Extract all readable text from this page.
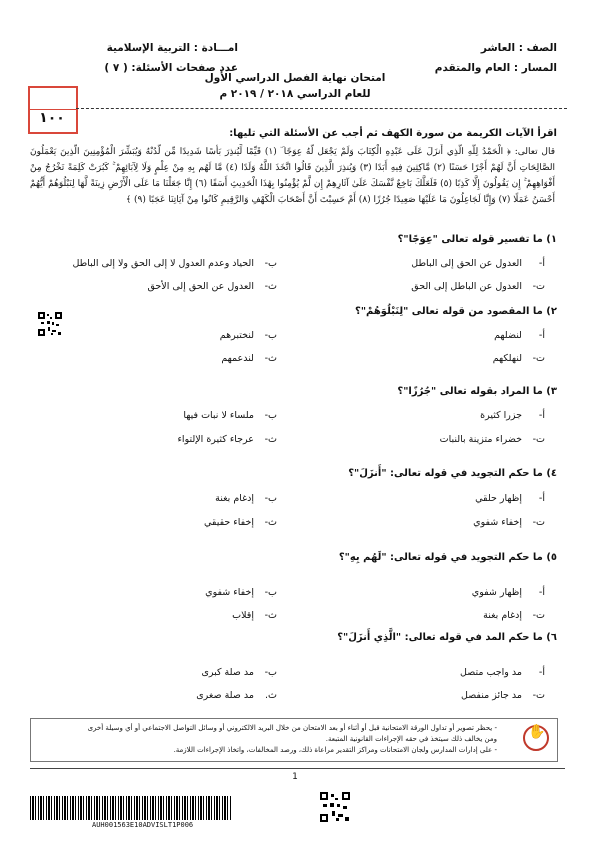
الصف : العاشر
المسار : العام والمتقدم
امـــادة : التربية الإسلامية
عدد صفحات الأسئلة: ( ٧ )
امتحان نهاية الفصل الدراسي الأول
للعام الدراسي ٢٠١٨ / ٢٠١٩ م
١٠٠
اقرأ الآيات الكريمة من سورة الكهف ثم أجب عن الأسئلة التي تليها:
قال تعالى: ﴿ الْحَمْدُ لِلَّهِ الَّذِي أَنزَلَ عَلَى عَبْدِهِ الْكِتَابَ وَلَمْ يَجْعَل لَّهُ عِوَجًا ۜ (١) قَيِّمًا لِّيُنذِرَ بَأْسًا شَدِيدًا مِّن لَّدُنْهُ وَيُبَشِّرَ الْمُؤْمِنِينَ الَّذِينَ يَعْمَلُونَ الصَّالِحَاتِ أَنَّ لَهُمْ أَجْرًا حَسَنًا (٢) مَّاكِثِينَ فِيهِ أَبَدًا (٣) وَيُنذِرَ الَّذِينَ قَالُوا اتَّخَذَ اللَّهُ وَلَدًا (٤) مَّا لَهُم بِهِ مِنْ عِلْمٍ وَلَا لِآبَائِهِمْ ۚ كَبُرَتْ كَلِمَةً تَخْرُجُ مِنْ أَفْوَاهِهِمْ ۚ إِن يَقُولُونَ إِلَّا كَذِبًا (٥) فَلَعَلَّكَ بَاخِعٌ نَّفْسَكَ عَلَىٰ آثَارِهِمْ إِن لَّمْ يُؤْمِنُوا بِهَٰذَا الْحَدِيثِ أَسَفًا (٦) إِنَّا جَعَلْنَا مَا عَلَى الْأَرْضِ زِينَةً لَّهَا لِنَبْلُوَهُمْ أَيُّهُمْ أَحْسَنُ عَمَلًا (٧) وَإِنَّا لَجَاعِلُونَ مَا عَلَيْهَا صَعِيدًا جُرُزًا (٨) أَمْ حَسِبْتَ أَنَّ أَصْحَابَ الْكَهْفِ وَالرَّقِيمِ كَانُوا مِنْ آيَاتِنَا عَجَبًا (٩) ﴾
١) ما تفسير قوله تعالى "عِوَجًا"؟
أ- العدول عن الحق إلى الباطل
ب- الحياد وعدم العدول لا إلى الحق ولا إلى الباطل
ت- العدول عن الباطل إلى الحق
ث- العدول عن الحق إلى الأحق
٢) ما المقصود من قوله تعالى "لِنَبْلُوَهُمْ"؟
أ- لنضلهم
ب- لنختبرهم
ت- لنهلكهم
ث- لندعمهم
٣) ما المراد بقوله تعالى "جُرُزًا"؟
أ- جزرا كثيرة
ب- ملساء لا نبات فيها
ت- خضراء متزينة بالنبات
ث- عرجاء كثيرة الإلتواء
٤) ما حكم التجويد في قوله تعالى: "أَنزَلَ"؟
أ- إظهار حلقي
ب- إدغام بغنة
ت- إخفاء شفوي
ث- إخفاء حقيقي
٥) ما حكم التجويد في قوله تعالى: "لَهُم بِهِ"؟
أ- إظهار شفوي
ب- إخفاء شفوي
ت- إدغام بغنة
ث- إقلاب
٦) ما حكم المد في قوله تعالى: "الَّذِي أَنزَلَ"؟
أ- مد واجب متصل
ب- مد صلة كبرى
ت- مد جائز منفصل
ث. مد صلة صغرى
✋

- يحظر تصوير أو تداول الورقة الامتحانية قبل أو أثناء أو بعد الامتحان من خلال البريد الالكتروني أو وسائل التواصل الاجتماعي أو أي وسيلة أخرى

ومن يخالف ذلك سيتخذ في حقه الإجراءات القانونية المتبعة.

- على إدارات المدارس ولجان الامتحانات ومراكز التقدير مراعاة ذلك، ورصد المخالفات، واتخاذ الإجراءات اللازمة.

1
AUH001563E10ADVISLT1P006
